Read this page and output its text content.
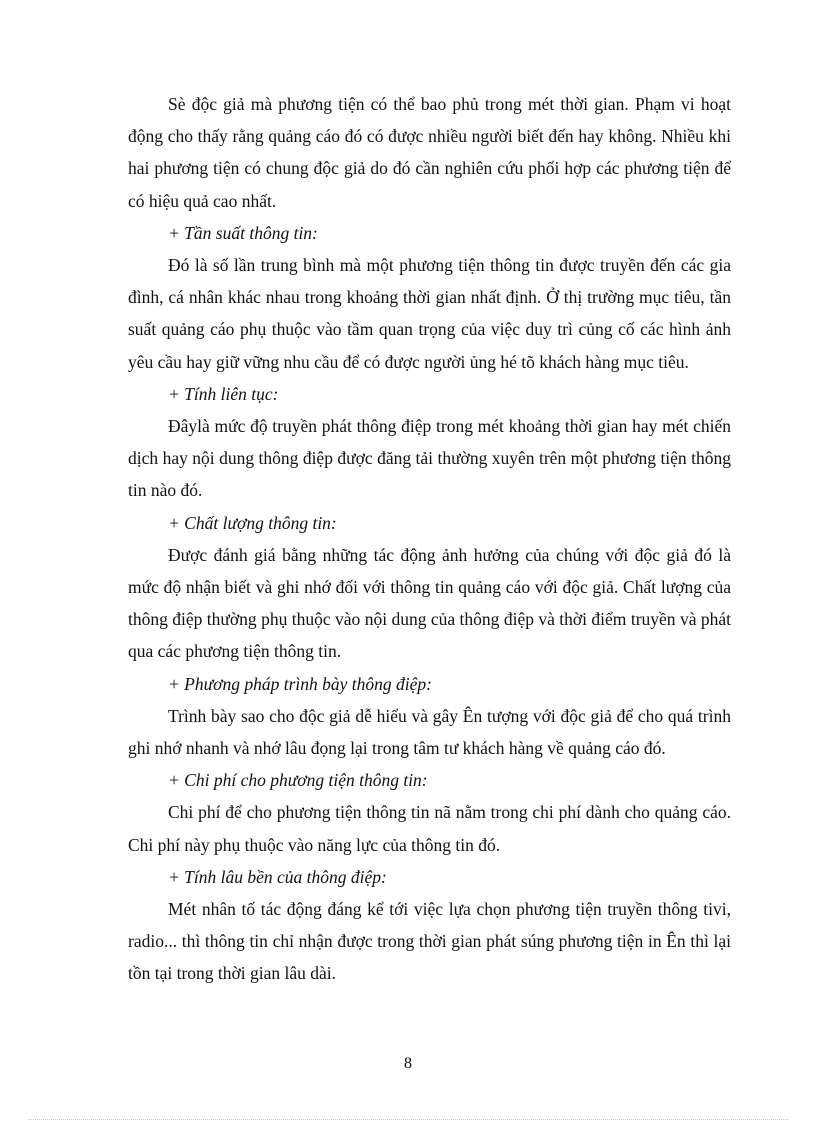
Sè độc giả mà phương tiện có thể bao phủ trong mét thời gian. Phạm vi hoạt động cho thấy rằng quảng cáo đó có được nhiều người biết đến hay không. Nhiều khi hai phương tiện có chung độc giả do đó cần nghiên cứu phối hợp các phương tiện để có hiệu quả cao nhất.

+ Tần suất thông tin:

Đó là số lần trung bình mà một phương tiện thông tin được truyền đến các gia đình, cá nhân khác nhau trong khoảng thời gian nhất định. Ở thị trường mục tiêu, tần suất quảng cáo phụ thuộc vào tầm quan trọng của việc duy trì củng cố các hình ảnh yêu cầu hay giữ vững nhu cầu để có được người ủng hé tõ khách hàng mục tiêu.

+ Tính liên tục:

Đâylà mức độ truyền phát thông điệp trong mét khoảng thời gian hay mét chiến dịch hay nội dung thông điệp được đăng tải thường xuyên trên một phương tiện thông tin nào đó.

+ Chất lượng thông tin:

Được đánh giá bằng những tác động ảnh hưởng của chúng với độc giả đó là mức độ nhận biết và ghi nhớ đối với thông tin quảng cáo với độc giả. Chất lượng của thông điệp thường phụ thuộc vào nội dung của thông điệp và thời điểm truyền và phát qua các phương tiện thông tin.

+ Phương pháp trình bày thông điệp:

Trình bày sao cho độc giả dễ hiểu và gây Ên tượng với độc giả để cho quá trình ghi nhớ nhanh và nhớ lâu đọng lại trong tâm tư khách hàng về quảng cáo đó.

+ Chi phí cho phương tiện thông tin:

Chi phí để cho phương tiện thông tin nã nằm trong chi phí dành cho quảng cáo. Chi phí này phụ thuộc vào năng lực của thông tin đó.

+ Tính lâu bền của thông điệp:

Mét nhân tố tác động đáng kể tới việc lựa chọn phương tiện truyền thông tivi, radio... thì thông tin chỉ nhận được trong thời gian phát súng phương tiện in Ên thì lại tồn tại trong thời gian lâu dài.

8
